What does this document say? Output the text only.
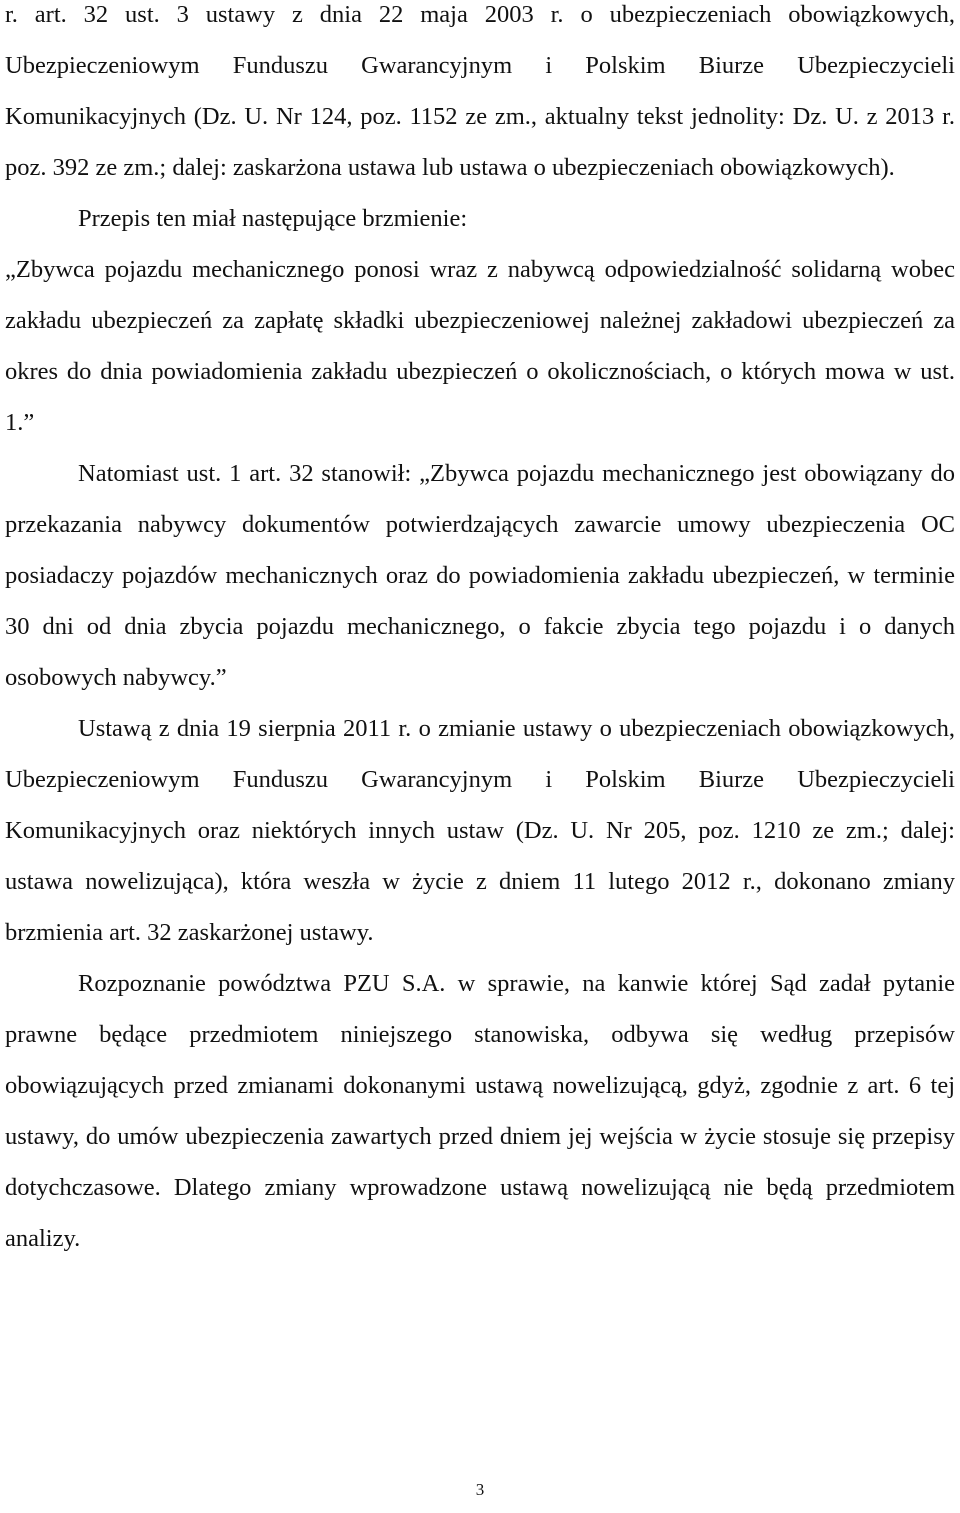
r. art. 32 ust. 3 ustawy z dnia 22 maja 2003 r. o ubezpieczeniach obowiązkowych, Ubezpieczeniowym Funduszu Gwarancyjnym i Polskim Biurze Ubezpieczycieli Komunikacyjnych (Dz. U. Nr 124, poz. 1152 ze zm., aktualny tekst jednolity: Dz. U. z 2013 r. poz. 392 ze zm.; dalej: zaskarżona ustawa lub ustawa o ubezpieczeniach obowiązkowych).

Przepis ten miał następujące brzmienie:

„Zbywca pojazdu mechanicznego ponosi wraz z nabywcą odpowiedzialność solidarną wobec zakładu ubezpieczeń za zapłatę składki ubezpieczeniowej należnej zakładowi ubezpieczeń za okres do dnia powiadomienia zakładu ubezpieczeń o okolicznościach, o których mowa w ust. 1.”

Natomiast ust. 1 art. 32 stanowił: „Zbywca pojazdu mechanicznego jest obowiązany do przekazania nabywcy dokumentów potwierdzających zawarcie umowy ubezpieczenia OC posiadaczy pojazdów mechanicznych oraz do powiadomienia zakładu ubezpieczeń, w terminie 30 dni od dnia zbycia pojazdu mechanicznego, o fakcie zbycia tego pojazdu i o danych osobowych nabywcy.”

Ustawą z dnia 19 sierpnia 2011 r. o zmianie ustawy o ubezpieczeniach obowiązkowych, Ubezpieczeniowym Funduszu Gwarancyjnym i Polskim Biurze Ubezpieczycieli Komunikacyjnych oraz niektórych innych ustaw (Dz. U. Nr 205, poz. 1210 ze zm.; dalej: ustawa nowelizująca), która weszła w życie z dniem 11 lutego 2012 r., dokonano zmiany brzmienia art. 32 zaskarżonej ustawy.

Rozpoznanie powództwa PZU S.A. w sprawie, na kanwie której Sąd zadał pytanie prawne będące przedmiotem niniejszego stanowiska, odbywa się według przepisów obowiązujących przed zmianami dokonanymi ustawą nowelizującą, gdyż, zgodnie z art. 6 tej ustawy, do umów ubezpieczenia zawartych przed dniem jej wejścia w życie stosuje się przepisy dotychczasowe. Dlatego zmiany wprowadzone ustawą nowelizującą nie będą przedmiotem analizy.

3
